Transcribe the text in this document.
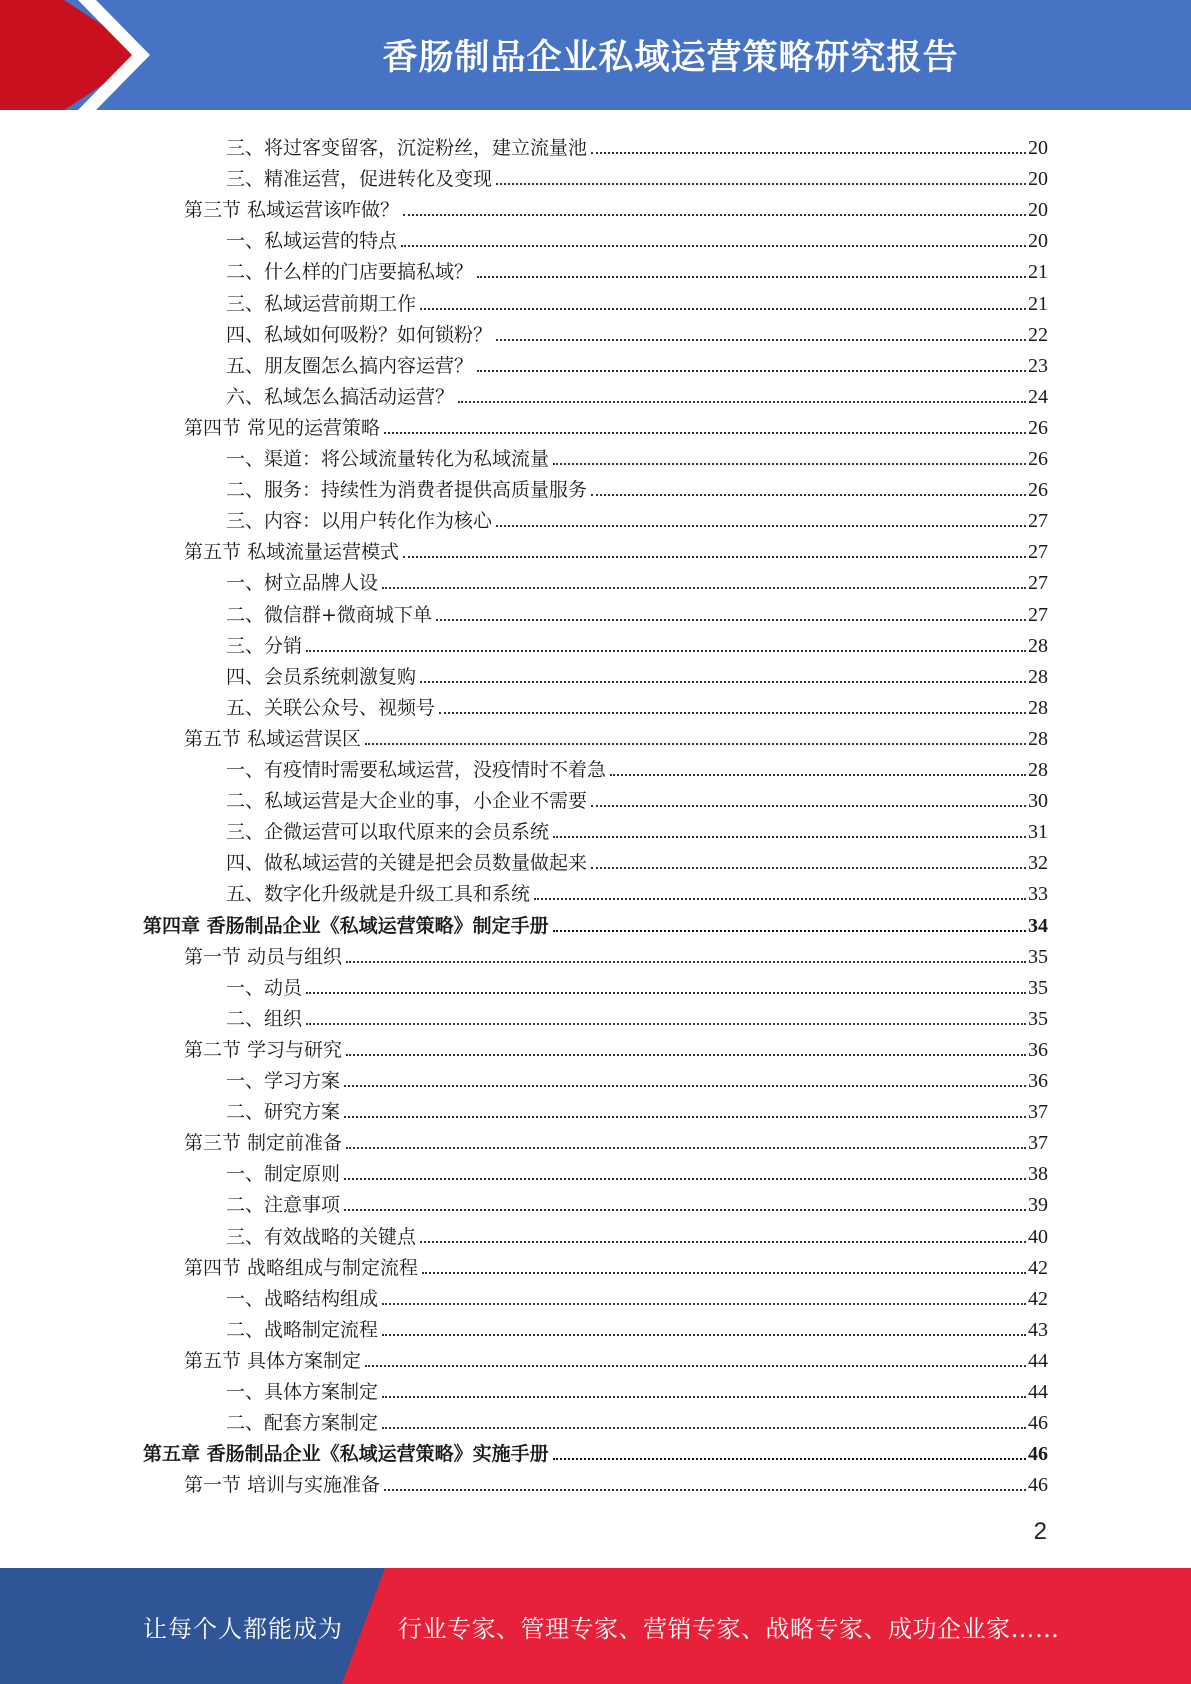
香肠制品企业私域运营策略研究报告
三、将过客变留客，沉淀粉丝，建立流量池	20
三、精准运营，促进转化及变现	20
第三节 私域运营该咋做？	20
一、私域运营的特点	20
二、什么样的门店要搞私域？	21
三、私域运营前期工作	21
四、私域如何吸粉？如何锁粉？	22
五、朋友圈怎么搞内容运营？	23
六、私域怎么搞活动运营？	24
第四节 常见的运营策略	26
一、渠道：将公域流量转化为私域流量	26
二、服务：持续性为消费者提供高质量服务	26
三、内容：以用户转化作为核心	27
第五节 私域流量运营模式	27
一、树立品牌人设	27
二、微信群+微商城下单	27
三、分销	28
四、会员系统刺激复购	28
五、关联公众号、视频号	28
第五节 私域运营误区	28
一、有疫情时需要私域运营，没疫情时不着急	28
二、私域运营是大企业的事，小企业不需要	30
三、企微运营可以取代原来的会员系统	31
四、做私域运营的关键是把会员数量做起来	32
五、数字化升级就是升级工具和系统	33
第四章 香肠制品企业《私域运营策略》制定手册	34
第一节 动员与组织	35
一、动员	35
二、组织	35
第二节 学习与研究	36
一、学习方案	36
二、研究方案	37
第三节 制定前准备	37
一、制定原则	38
二、注意事项	39
三、有效战略的关键点	40
第四节 战略组成与制定流程	42
一、战略结构组成	42
二、战略制定流程	43
第五节 具体方案制定	44
一、具体方案制定	44
二、配套方案制定	46
第五章 香肠制品企业《私域运营策略》实施手册	46
第一节 培训与实施准备	46
2
让每个人都能成为 行业专家、管理专家、营销专家、战略专家、成功企业家……
